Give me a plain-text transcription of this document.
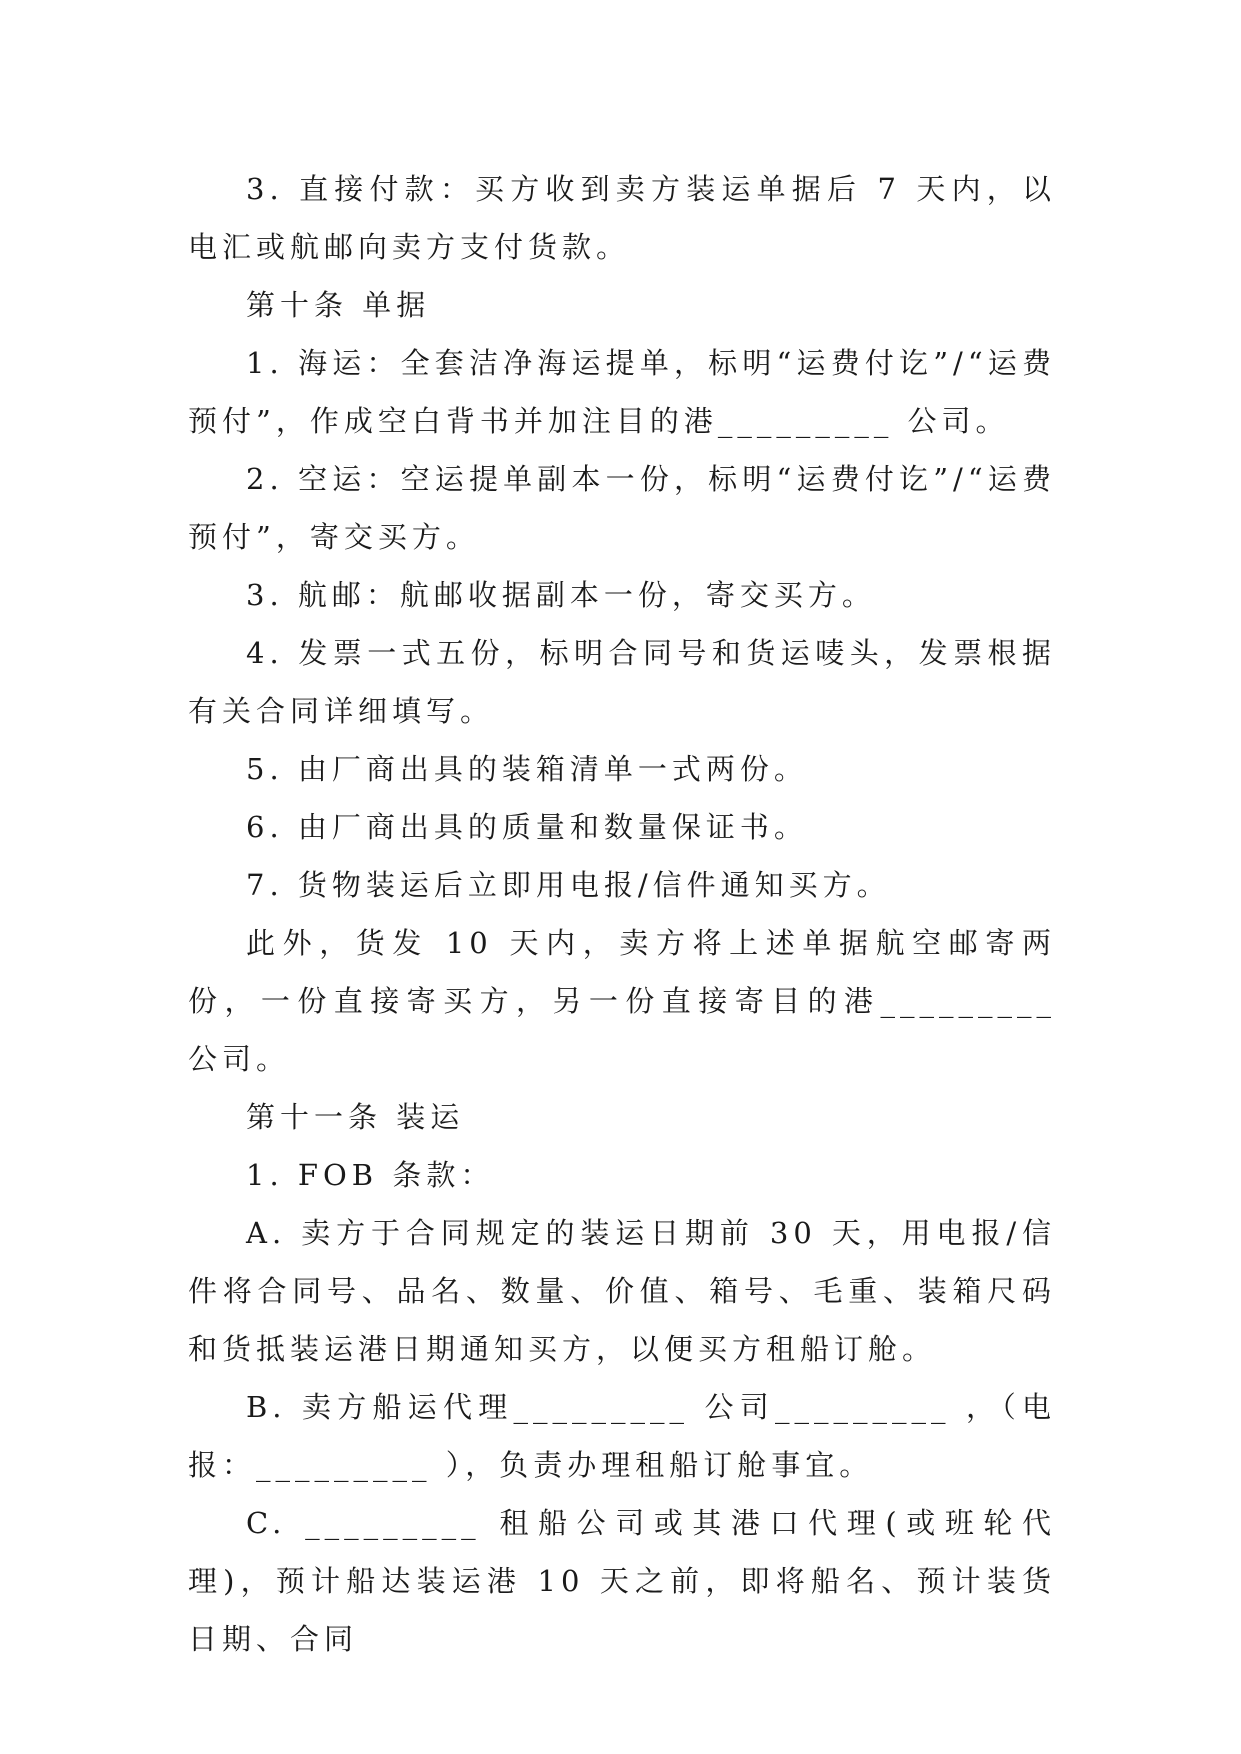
3. 直接付款：买方收到卖方装运单据后 7 天内，以电汇或航邮向卖方支付货款。

第十条 单据

1. 海运：全套洁净海运提单，标明“运费付讫”/“运费预付”，作成空白背书并加注目的港_________ 公司。

2. 空运：空运提单副本一份，标明“运费付讫”/“运费预付”，寄交买方。

3. 航邮：航邮收据副本一份，寄交买方。

4. 发票一式五份，标明合同号和货运唛头，发票根据有关合同详细填写。

5. 由厂商出具的装箱清单一式两份。

6. 由厂商出具的质量和数量保证书。

7. 货物装运后立即用电报/信件通知买方。

此外，货发 10 天内，卖方将上述单据航空邮寄两份，一份直接寄买方，另一份直接寄目的港_________ 公司。

第十一条 装运

1. FOB 条款：

A. 卖方于合同规定的装运日期前 30 天，用电报/信件将合同号、品名、数量、价值、箱号、毛重、装箱尺码和货抵装运港日期通知买方，以便买方租船订舱。

B. 卖方船运代理_________ 公司_________ ，（电报：_________ ），负责办理租船订舱事宜。

C. _________ 租船公司或其港口代理(或班轮代理)，预计船达装运港 10 天之前，即将船名、预计装货日期、合同
